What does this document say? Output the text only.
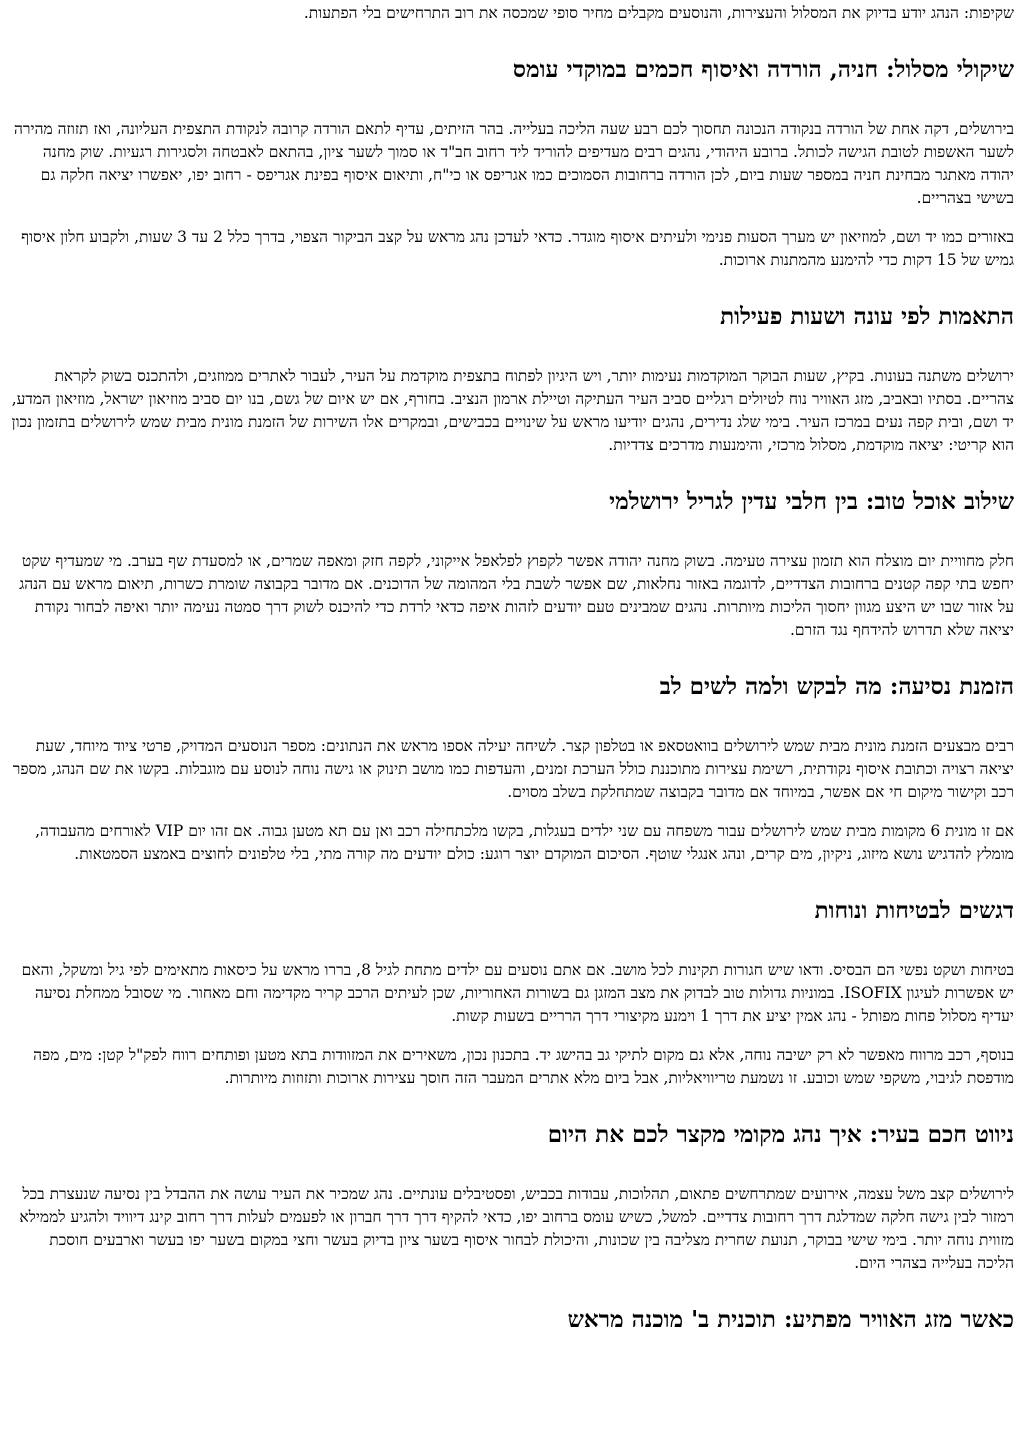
שקיפות: הנהג יודע בדיוק את המסלול והעצירות, והנוסעים מקבלים מחיר סופי שמכסה את רוב התרחישים בלי הפתעות.

שיקולי מסלול: חניה, הורדה ואיסוף חכמים במוקדי עומס

בירושלים, דקה אחת של הורדה בנקודה הנכונה תחסוך לכם רבע שעה הליכה בעלייה. בהר הזיתים, עדיף לתאם הורדה קרובה לנקודת התצפית העליונה, ואז תזוזה מהירה לשער האשפות לטובת הגישה לכותל. ברובע היהודי, נהגים רבים מעדיפים להוריד ליד רחוב חב"ד או סמוך לשער ציון, בהתאם לאבטחה ולסגירות רגעיות. שוק מחנה יהודה מאתגר מבחינת חניה במספר שעות ביום, לכן הורדה ברחובות הסמוכים כמו אגריפס או כי"ח, ותיאום איסוף בפינת אגריפס - רחוב יפו, יאפשרו יציאה חלקה גם בשישי בצהריים.

באזורים כמו יד ושם, למוזיאון יש מערך הסעות פנימי ולעיתים איסוף מוגדר. כדאי לעדכן נהג מראש על קצב הביקור הצפוי, בדרך כלל 2 עד 3 שעות, ולקבוע חלון איסוף גמיש של 15 דקות כדי להימנע מהמתנות ארוכות.

התאמות לפי עונה ושעות פעילות

ירושלים משתנה בעונות. בקיץ, שעות הבוקר המוקדמות נעימות יותר, ויש היגיון לפתוח בתצפית מוקדמת על העיר, לעבור לאתרים ממוזגים, ולהתכנס בשוק לקראת צהריים. בסתיו ובאביב, מזג האוויר נוח לטיולים רגליים סביב העיר העתיקה וטיילת ארמון הנציב. בחורף, אם יש איום של גשם, בנו יום סביב מוזיאון ישראל, מוזיאון המדע, יד ושם, ובית קפה נעים במרכז העיר. בימי שלג נדירים, נהגים יודיעו מראש על שינויים בכבישים, ובמקרים אלו השירות של הזמנת מונית מבית שמש לירושלים בתזמון נכון הוא קריטי: יציאה מוקדמת, מסלול מרכזי, והימנעות מדרכים צדדיות.

שילוב אוכל טוב: בין חלבי עדין לגריל ירושלמי

חלק מחוויית יום מוצלח הוא תזמון עצירה טעימה. בשוק מחנה יהודה אפשר לקפוץ לפלאפל אייקוני, לקפה חזק ומאפה שמרים, או למסעדת שף בערב. מי שמעדיף שקט יחפש בתי קפה קטנים ברחובות הצדדיים, לדוגמה באזור נחלאות, שם אפשר לשבת בלי המהומה של הדוכנים. אם מדובר בקבוצה שומרת כשרות, תיאום מראש עם הנהג על אזור שבו יש היצע מגוון יחסוך הליכות מיותרות. נהגים שמבינים טעם יודעים לזהות איפה כדאי לרדת כדי להיכנס לשוק דרך סמטה נעימה יותר ואיפה לבחור נקודת יציאה שלא תדרוש להידחף נגד הזרם.

הזמנת נסיעה: מה לבקש ולמה לשים לב

רבים מבצעים הזמנת מונית מבית שמש לירושלים בוואטסאפ או בטלפון קצר. לשיחה יעילה אספו מראש את הנתונים: מספר הנוסעים המדויק, פרטי ציוד מיוחד, שעת יציאה רצויה וכתובת איסוף נקודתית, רשימת עצירות מתוכננת כולל הערכת זמנים, והעדפות כמו מושב תינוק או גישה נוחה לנוסע עם מוגבלות. בקשו את שם הנהג, מספר רכב וקישור מיקום חי אם אפשר, במיוחד אם מדובר בקבוצה שמתחלקת בשלב מסוים.

אם זו מונית 6 מקומות מבית שמש לירושלים עבור משפחה עם שני ילדים בעגלות, בקשו מלכתחילה רכב ואן עם תא מטען גבוה. אם זהו יום VIP לאורחים מהעבודה, מומלץ להדגיש נושא מיזוג, ניקיון, מים קרים, ונהג אנגלי שוטף. הסיכום המוקדם יוצר רוגע: כולם יודעים מה קורה מתי, בלי טלפונים לחוצים באמצע הסמטאות.

דגשים לבטיחות ונוחות

בטיחות ושקט נפשי הם הבסיס. ודאו שיש חגורות תקינות לכל מושב. אם אתם נוסעים עם ילדים מתחת לגיל 8, בררו מראש על כיסאות מתאימים לפי גיל ומשקל, והאם יש אפשרות לעיגון ISOFIX. במוניות גדולות טוב לבדוק את מצב המזגן גם בשורות האחוריות, שכן לעיתים הרכב קריר מקדימה וחם מאחור. מי שסובל ממחלת נסיעה יעדיף מסלול פחות מפותל - נהג אמין יציע את דרך 1 וימנע מקיצורי דרך הרריים בשעות קשות.

בנוסף, רכב מרווח מאפשר לא רק ישיבה נוחה, אלא גם מקום לתיקי גב בהישג יד. בתכנון נכון, משאירים את המזוודות בתא מטען ופותחים רווח לפק"ל קטן: מים, מפה מודפסת לגיבוי, משקפי שמש וכובע. זו נשמעת טריוויאליות, אבל ביום מלא אתרים המעבר הזה חוסך עצירות ארוכות ותזוזות מיותרות.

ניווט חכם בעיר: איך נהג מקומי מקצר לכם את היום

לירושלים קצב משל עצמה, אירועים שמתרחשים פתאום, תהלוכות, עבודות בכביש, ופסטיבלים עונתיים. נהג שמכיר את העיר עושה את ההבדל בין נסיעה שנעצרת בכל רמזור לבין גישה חלקה שמדלגת דרך רחובות צדדיים. למשל, כשיש עומס ברחוב יפו, כדאי להקיף דרך דרך חברון או לפעמים לעלות דרך רחוב קינג דיוויד ולהגיע לממילא מזווית נוחה יותר. בימי שישי בבוקר, תנועת שחרית מצליבה בין שכונות, והיכולת לבחור איסוף בשער ציון בדיוק בעשר וחצי במקום בשער יפו בעשר וארבעים חוסכת הליכה בעלייה בצהרי היום.

כאשר מזג האוויר מפתיע: תוכנית ב' מוכנה מראש
